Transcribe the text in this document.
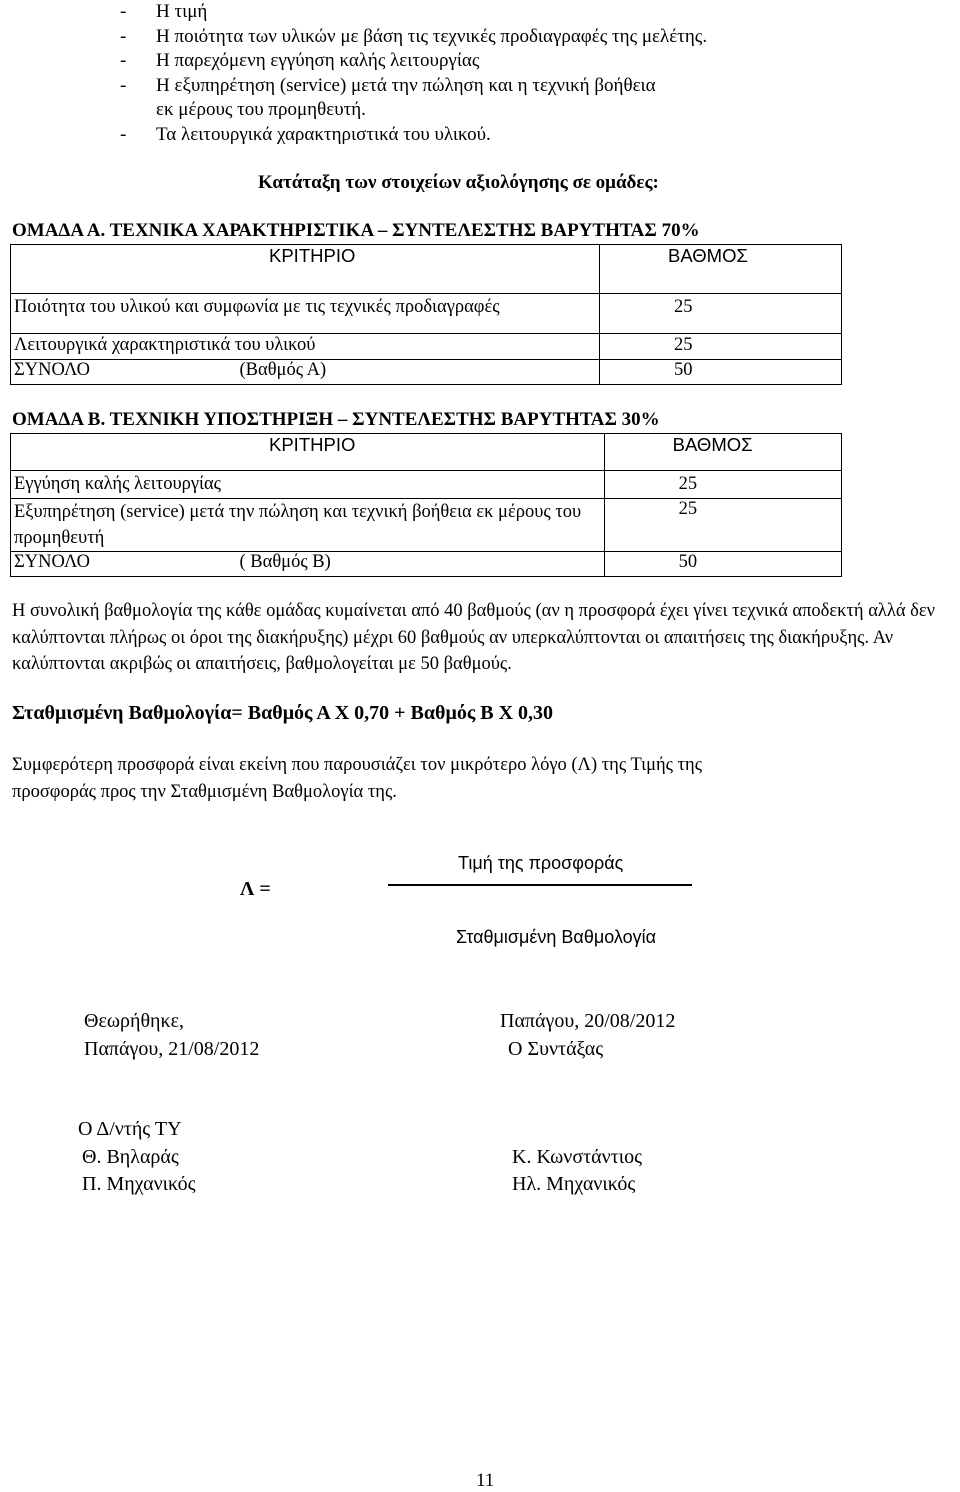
-	Η τιμή
-	Η ποιότητα των υλικών με βάση τις τεχνικές προδιαγραφές της μελέτης.
-	Η παρεχόμενη εγγύηση καλής λειτουργίας
-	Η εξυπηρέτηση (service) μετά την πώληση και η τεχνική βοήθεια
εκ μέρους του προμηθευτή.
-	Τα λειτουργικά χαρακτηριστικά του υλικού.
Κατάταξη των στοιχείων αξιολόγησης σε ομάδες:
ΟΜΑΔΑ Α. ΤΕΧΝΙΚΑ ΧΑΡΑΚΤΗΡΙΣΤΙΚΑ – ΣΥΝΤΕΛΕΣΤΗΣ ΒΑΡΥΤΗΤΑΣ 70%
ΚΡΙΤΗΡΙΟ	ΒΑΘΜΟΣ
Ποιότητα του υλικού και συμφωνία με τις τεχνικές προδιαγραφές	25
Λειτουργικά χαρακτηριστικά του υλικού	25
ΣΥΝΟΛΟ (Βαθμός Α)	50
ΟΜΑΔΑ Β. ΤΕΧΝΙΚΗ ΥΠΟΣΤΗΡΙΞΗ – ΣΥΝΤΕΛΕΣΤΗΣ ΒΑΡΥΤΗΤΑΣ 30%
ΚΡΙΤΗΡΙΟ	ΒΑΘΜΟΣ
Εγγύηση καλής λειτουργίας	25
Εξυπηρέτηση (service) μετά την πώληση και τεχνική βοήθεια εκ μέρους του προμηθευτή	25
ΣΥΝΟΛΟ ( Βαθμός Β)	50
Η συνολική βαθμολογία της κάθε ομάδας κυμαίνεται από 40 βαθμούς (αν η προσφορά έχει γίνει τεχνικά αποδεκτή αλλά δεν καλύπτονται πλήρως οι όροι της διακήρυξης) μέχρι 60 βαθμούς αν υπερκαλύπτονται οι απαιτήσεις της διακήρυξης. Αν καλύπτονται ακριβώς οι απαιτήσεις, βαθμολογείται με 50 βαθμούς.
Σταθμισμένη Βαθμολογία= Βαθμός Α Χ 0,70 + Βαθμός Β Χ 0,30
Συμφερότερη προσφορά είναι εκείνη που παρουσιάζει τον μικρότερο λόγο (Λ) της Τιμής της προσφοράς προς την Σταθμισμένη Βαθμολογία της.
Λ =
Τιμή της προσφοράς
Σταθμισμένη Βαθμολογία
Θεωρήθηκε,
Παπάγου, 21/08/2012
Παπάγου, 20/08/2012
Ο Συντάξας
Ο Δ/ντής ΤΥ
Θ. Βηλαράς
Π. Μηχανικός
Κ. Κωνστάντιος
Ηλ. Μηχανικός
11
